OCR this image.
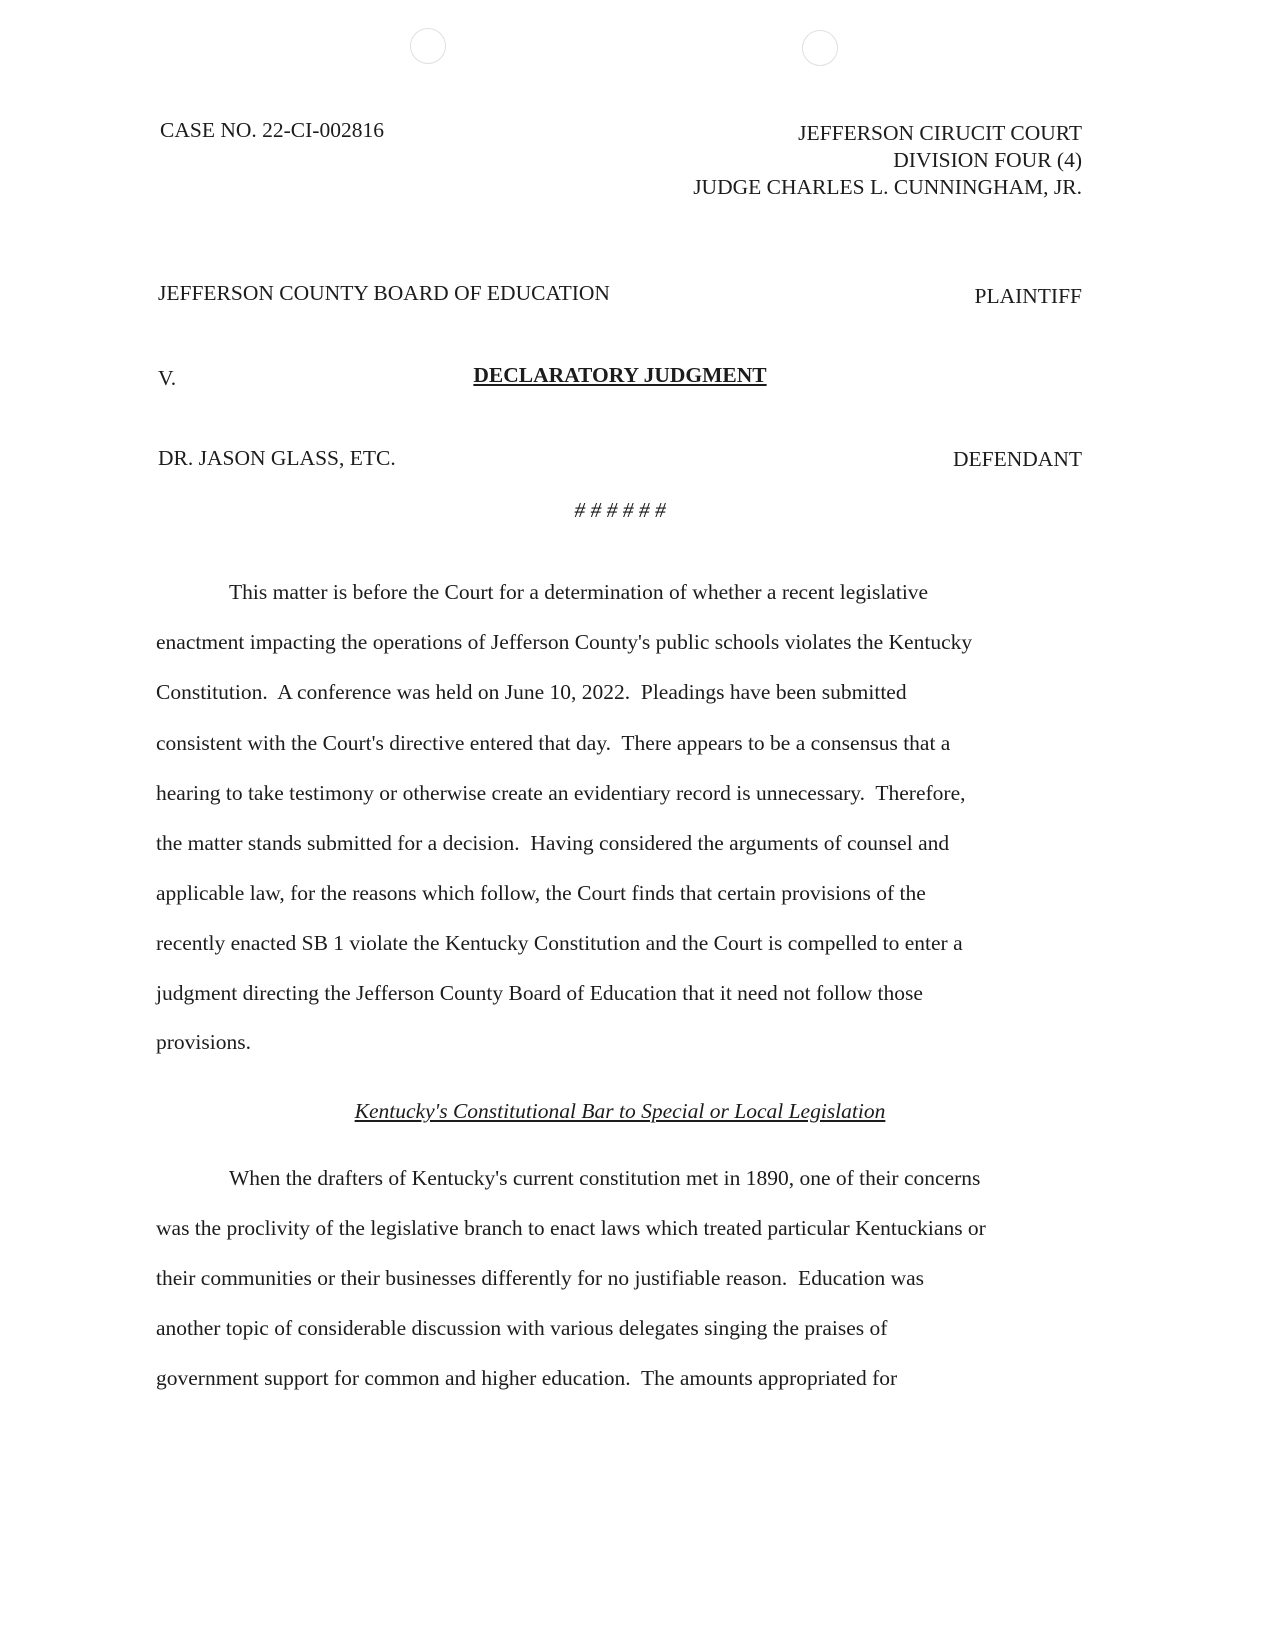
CASE NO. 22-CI-002816	JEFFERSON CIRUCIT COURT
DIVISION FOUR (4)
JUDGE CHARLES L. CUNNINGHAM, JR.
JEFFERSON COUNTY BOARD OF EDUCATION	PLAINTIFF
V.	DECLARATORY JUDGMENT
DR. JASON GLASS, ETC.	DEFENDANT
# # # # # #
This matter is before the Court for a determination of whether a recent legislative
enactment impacting the operations of Jefferson County's public schools violates the Kentucky
Constitution.  A conference was held on June 10, 2022.  Pleadings have been submitted
consistent with the Court's directive entered that day.  There appears to be a consensus that a
hearing to take testimony or otherwise create an evidentiary record is unnecessary.  Therefore,
the matter stands submitted for a decision.  Having considered the arguments of counsel and
applicable law, for the reasons which follow, the Court finds that certain provisions of the
recently enacted SB 1 violate the Kentucky Constitution and the Court is compelled to enter a
judgment directing the Jefferson County Board of Education that it need not follow those
provisions.
Kentucky's Constitutional Bar to Special or Local Legislation
When the drafters of Kentucky's current constitution met in 1890, one of their concerns
was the proclivity of the legislative branch to enact laws which treated particular Kentuckians or
their communities or their businesses differently for no justifiable reason.  Education was
another topic of considerable discussion with various delegates singing the praises of
government support for common and higher education.  The amounts appropriated for
